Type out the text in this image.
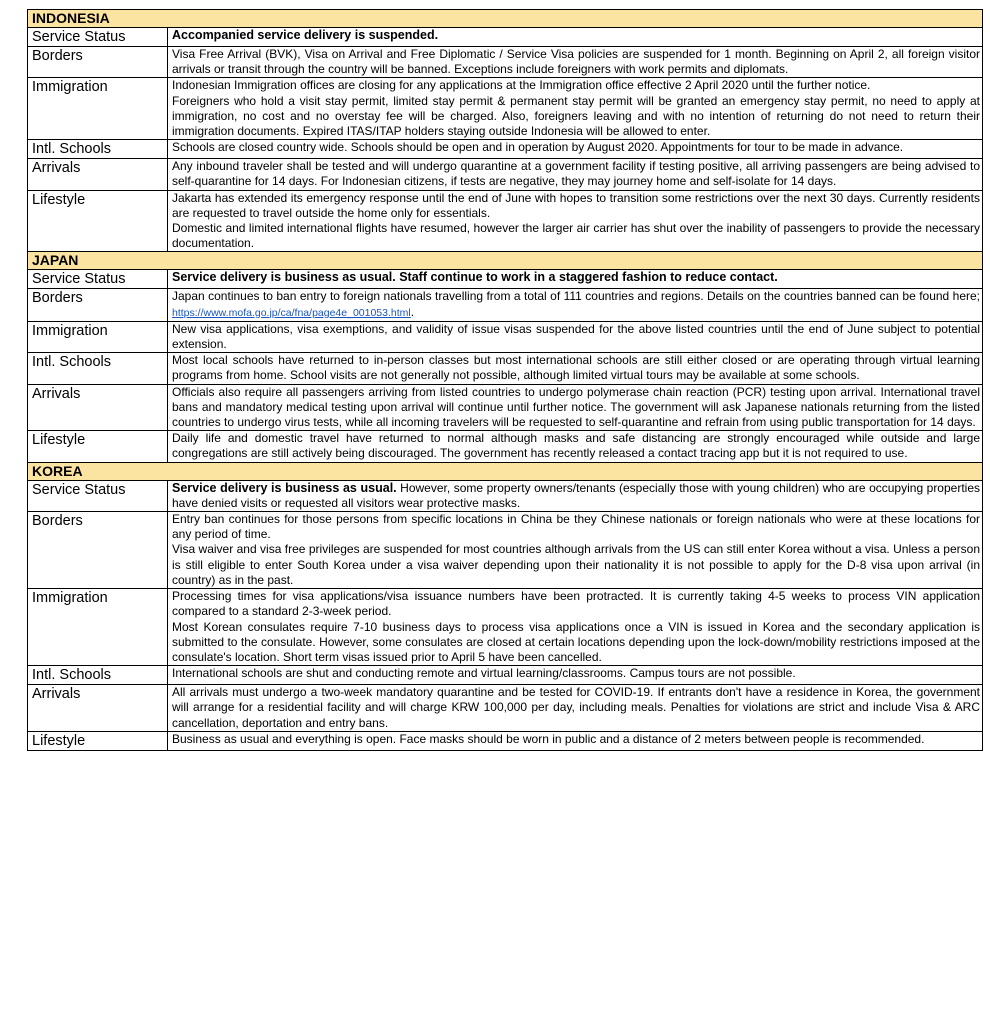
INDONESIA	
Service Status	Accompanied service delivery is suspended.
Borders	Visa Free Arrival (BVK), Visa on Arrival and Free Diplomatic / Service Visa policies are suspended for 1 month. Beginning on April 2, all foreign visitor arrivals or transit through the country will be banned. Exceptions include foreigners with work permits and diplomats.
Immigration	Indonesian Immigration offices are closing for any applications at the Immigration office effective 2 April 2020 until the further notice.

Foreigners who hold a visit stay permit, limited stay permit & permanent stay permit will be granted an emergency stay permit, no need to apply at immigration, no cost and no overstay fee will be charged. Also, foreigners leaving and with no intention of returning do not need to return their immigration documents. Expired ITAS/ITAP holders staying outside Indonesia will be allowed to enter.

Intl. Schools	Schools are closed country wide. Schools should be open and in operation by August 2020. Appointments for tour to be made in advance.
Arrivals	Any inbound traveler shall be tested and will undergo quarantine at a government facility if testing positive, all arriving passengers are being advised to self-quarantine for 14 days. For Indonesian citizens, if tests are negative, they may journey home and self-isolate for 14 days.
Lifestyle	Jakarta has extended its emergency response until the end of June with hopes to transition some restrictions over the next 30 days. Currently residents are requested to travel outside the home only for essentials.

Domestic and limited international flights have resumed, however the larger air carrier has shut over the inability of passengers to provide the necessary documentation.

JAPAN	
Service Status	Service delivery is business as usual. Staff continue to work in a staggered fashion to reduce contact.
Borders	Japan continues to ban entry to foreign nationals travelling from a total of 111 countries and regions. Details on the countries banned can be found here; https://www.mofa.go.jp/ca/fna/page4e_001053.html.
Immigration	New visa applications, visa exemptions, and validity of issue visas suspended for the above listed countries until the end of June subject to potential extension.
Intl. Schools	Most local schools have returned to in-person classes but most international schools are still either closed or are operating through virtual learning programs from home. School visits are not generally not possible, although limited virtual tours may be available at some schools.
Arrivals	Officials also require all passengers arriving from listed countries to undergo polymerase chain reaction (PCR) testing upon arrival. International travel bans and mandatory medical testing upon arrival will continue until further notice. The government will ask Japanese nationals returning from the listed countries to undergo virus tests, while all incoming travelers will be requested to self-quarantine and refrain from using public transportation for 14 days.
Lifestyle	Daily life and domestic travel have returned to normal although masks and safe distancing are strongly encouraged while outside and large congregations are still actively being discouraged. The government has recently released a contact tracing app but it is not required to use.
KOREA	
Service Status	Service delivery is business as usual. However, some property owners/tenants (especially those with young children) who are occupying properties have denied visits or requested all visitors wear protective masks.
Borders	Entry ban continues for those persons from specific locations in China be they Chinese nationals or foreign nationals who were at these locations for any period of time.

Visa waiver and visa free privileges are suspended for most countries although arrivals from the US can still enter Korea without a visa. Unless a person is still eligible to enter South Korea under a visa waiver depending upon their nationality it is not possible to apply for the D-8 visa upon arrival (in country) as in the past.

Immigration	Processing times for visa applications/visa issuance numbers have been protracted. It is currently taking 4-5 weeks to process VIN application compared to a standard 2-3-week period.

Most Korean consulates require 7-10 business days to process visa applications once a VIN is issued in Korea and the secondary application is submitted to the consulate. However, some consulates are closed at certain locations depending upon the lock-down/mobility restrictions imposed at the consulate's location. Short term visas issued prior to April 5 have been cancelled.

Intl. Schools	International schools are shut and conducting remote and virtual learning/classrooms. Campus tours are not possible.
Arrivals	All arrivals must undergo a two-week mandatory quarantine and be tested for COVID-19. If entrants don't have a residence in Korea, the government will arrange for a residential facility and will charge KRW 100,000 per day, including meals. Penalties for violations are strict and include Visa & ARC cancellation, deportation and entry bans.
Lifestyle	Business as usual and everything is open. Face masks should be worn in public and a distance of 2 meters between people is recommended.
